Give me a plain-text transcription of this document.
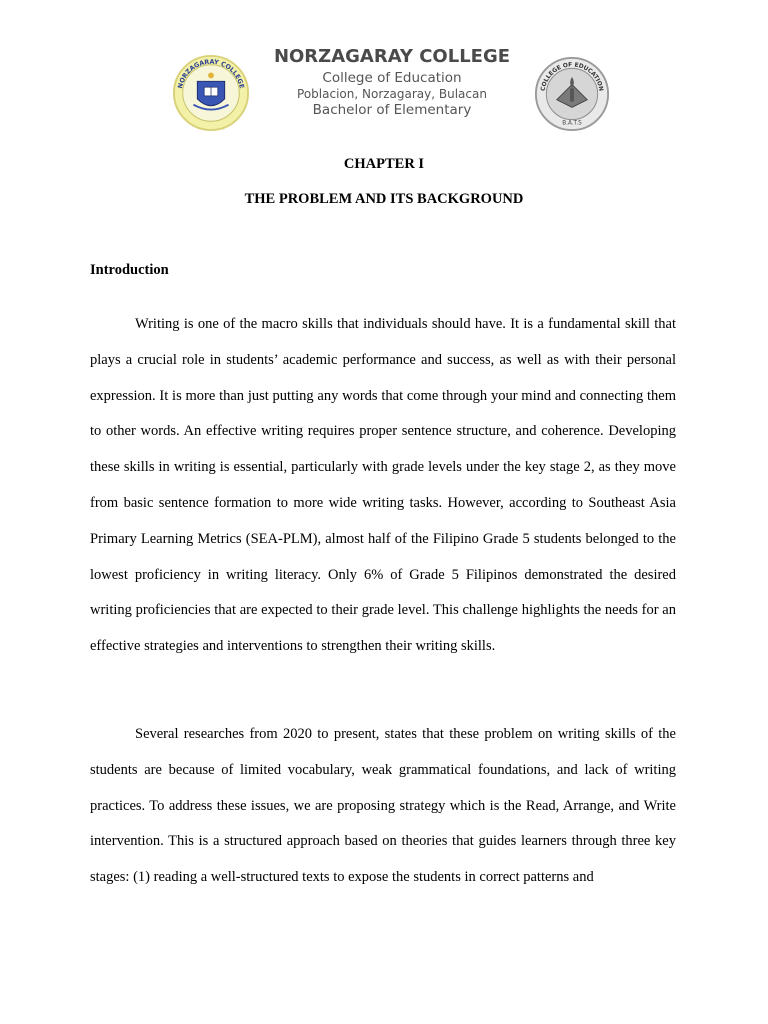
NORZAGARAY COLLEGE
NORZAGARAY COLLEGE
College of Education
Poblacion, Norzagaray, Bulacan
Bachelor of Elementary
COLLEGE OF EDUCATION
B.A.T.S
CHAPTER I
THE PROBLEM AND ITS BACKGROUND
Introduction

Writing is one of the macro skills that individuals should have. It is a fundamental skill that plays a crucial role in students’ academic performance and success, as well as with their personal expression. It is more than just putting any words that come through your mind and connecting them to other words. An effective writing requires proper sentence structure, and coherence. Developing these skills in writing is essential, particularly with grade levels under the key stage 2, as they move from basic sentence formation to more wide writing tasks. However, according to Southeast Asia Primary Learning Metrics (SEA-PLM), almost half of the Filipino Grade 5 students belonged to the lowest proficiency in writing literacy. Only 6% of Grade 5 Filipinos demonstrated the desired writing proficiencies that are expected to their grade level. This challenge highlights the needs for an effective strategies and interventions to strengthen their writing skills.

Several researches from 2020 to present, states that these problem on writing skills of the students are because of limited vocabulary, weak grammatical foundations, and lack of writing practices. To address these issues, we are proposing strategy which is the Read, Arrange, and Write intervention. This is a structured approach based on theories that guides learners through three key stages: (1) reading a well-structured texts to expose the students in correct patterns and
